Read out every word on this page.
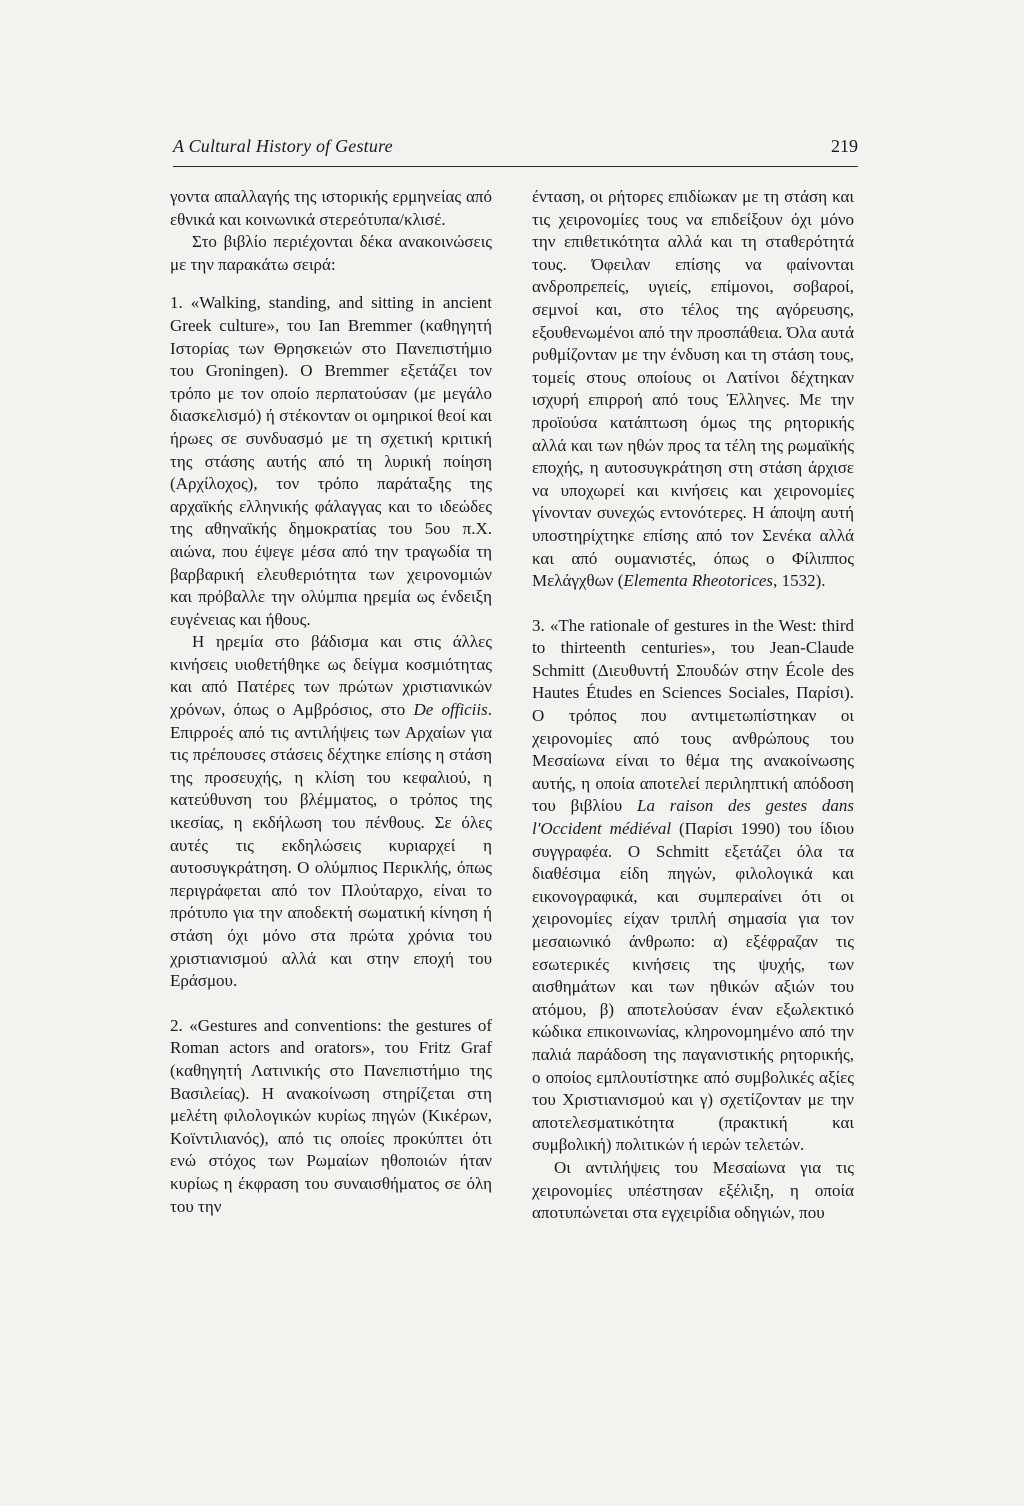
A Cultural History of Gesture	219

γοντα απαλλαγής της ιστορικής ερμηνείας από εθνικά και κοινωνικά στερεότυπα/κλισέ.

Στο βιβλίο περιέχονται δέκα ανακοινώσεις με την παρακάτω σειρά:

1. «Walking, standing, and sitting in ancient Greek culture», του Ian Bremmer (καθηγητή Ιστορίας των Θρησκειών στο Πανεπιστήμιο του Groningen). Ο Bremmer εξετάζει τον τρόπο με τον οποίο περπατούσαν (με μεγάλο διασκελισμό) ή στέκονταν οι ομηρικοί θεοί και ήρωες σε συνδυασμό με τη σχετική κριτική της στάσης αυτής από τη λυρική ποίηση (Αρχίλοχος), τον τρόπο παράταξης της αρχαϊκής ελληνικής φάλαγγας και το ιδεώδες της αθηναϊκής δημοκρατίας του 5ου π.Χ. αιώνα, που έψεγε μέσα από την τραγωδία τη βαρβαρική ελευθεριότητα των χειρονομιών και πρόβαλλε την ολύμπια ηρεμία ως ένδειξη ευγένειας και ήθους.

Η ηρεμία στο βάδισμα και στις άλλες κινήσεις υιοθετήθηκε ως δείγμα κοσμιότητας και από Πατέρες των πρώτων χριστιανικών χρόνων, όπως ο Αμβρόσιος, στο De officiis. Επιρροές από τις αντιλήψεις των Αρχαίων για τις πρέπουσες στάσεις δέχτηκε επίσης η στάση της προσευχής, η κλίση του κεφαλιού, η κατεύθυνση του βλέμματος, ο τρόπος της ικεσίας, η εκδήλωση του πένθους. Σε όλες αυτές τις εκδηλώσεις κυριαρχεί η αυτοσυγκράτηση. Ο ολύμπιος Περικλής, όπως περιγράφεται από τον Πλούταρχο, είναι το πρότυπο για την αποδεκτή σωματική κίνηση ή στάση όχι μόνο στα πρώτα χρόνια του χριστιανισμού αλλά και στην εποχή του Εράσμου.

2. «Gestures and conventions: the gestures of Roman actors and orators», του Fritz Graf (καθηγητή Λατινικής στο Πανεπιστήμιο της Βασιλείας). Η ανακοίνωση στηρίζεται στη μελέτη φιλολογικών κυρίως πηγών (Κικέρων, Κοϊντιλιανός), από τις οποίες προκύπτει ότι ενώ στόχος των Ρωμαίων ηθοποιών ήταν κυρίως η έκφραση του συναισθήματος σε όλη του την

ένταση, οι ρήτορες επιδίωκαν με τη στάση και τις χειρονομίες τους να επιδείξουν όχι μόνο την επιθετικότητα αλλά και τη σταθερότητά τους. Όφειλαν επίσης να φαίνονται ανδροπρεπείς, υγιείς, επίμονοι, σοβαροί, σεμνοί και, στο τέλος της αγόρευσης, εξουθενωμένοι από την προσπάθεια. Όλα αυτά ρυθμίζονταν με την ένδυση και τη στάση τους, τομείς στους οποίους οι Λατίνοι δέχτηκαν ισχυρή επιρροή από τους Έλληνες. Με την προϊούσα κατάπτωση όμως της ρητορικής αλλά και των ηθών προς τα τέλη της ρωμαϊκής εποχής, η αυτοσυγκράτηση στη στάση άρχισε να υποχωρεί και κινήσεις και χειρονομίες γίνονταν συνεχώς εντονότερες. Η άποψη αυτή υποστηρίχτηκε επίσης από τον Σενέκα αλλά και από ουμανιστές, όπως ο Φίλιππος Μελάγχθων (Elementa Rheotorices, 1532).

3. «The rationale of gestures in the West: third to thirteenth centuries», του Jean-Claude Schmitt (Διευθυντή Σπουδών στην École des Hautes Études en Sciences Sociales, Παρίσι). Ο τρόπος που αντιμετωπίστηκαν οι χειρονομίες από τους ανθρώπους του Μεσαίωνα είναι το θέμα της ανακοίνωσης αυτής, η οποία αποτελεί περιληπτική απόδοση του βιβλίου La raison des gestes dans l'Occident médiéval (Παρίσι 1990) του ίδιου συγγραφέα. Ο Schmitt εξετάζει όλα τα διαθέσιμα είδη πηγών, φιλολογικά και εικονογραφικά, και συμπεραίνει ότι οι χειρονομίες είχαν τριπλή σημασία για τον μεσαιωνικό άνθρωπο: α) εξέφραζαν τις εσωτερικές κινήσεις της ψυχής, των αισθημάτων και των ηθικών αξιών του ατόμου, β) αποτελούσαν έναν εξωλεκτικό κώδικα επικοινωνίας, κληρονομημένο από την παλιά παράδοση της παγανιστικής ρητορικής, ο οποίος εμπλουτίστηκε από συμβολικές αξίες του Χριστιανισμού και γ) σχετίζονταν με την αποτελεσματικότητα (πρακτική και συμβολική) πολιτικών ή ιερών τελετών.

Οι αντιλήψεις του Μεσαίωνα για τις χειρονομίες υπέστησαν εξέλιξη, η οποία αποτυπώνεται στα εγχειρίδια οδηγιών, που
